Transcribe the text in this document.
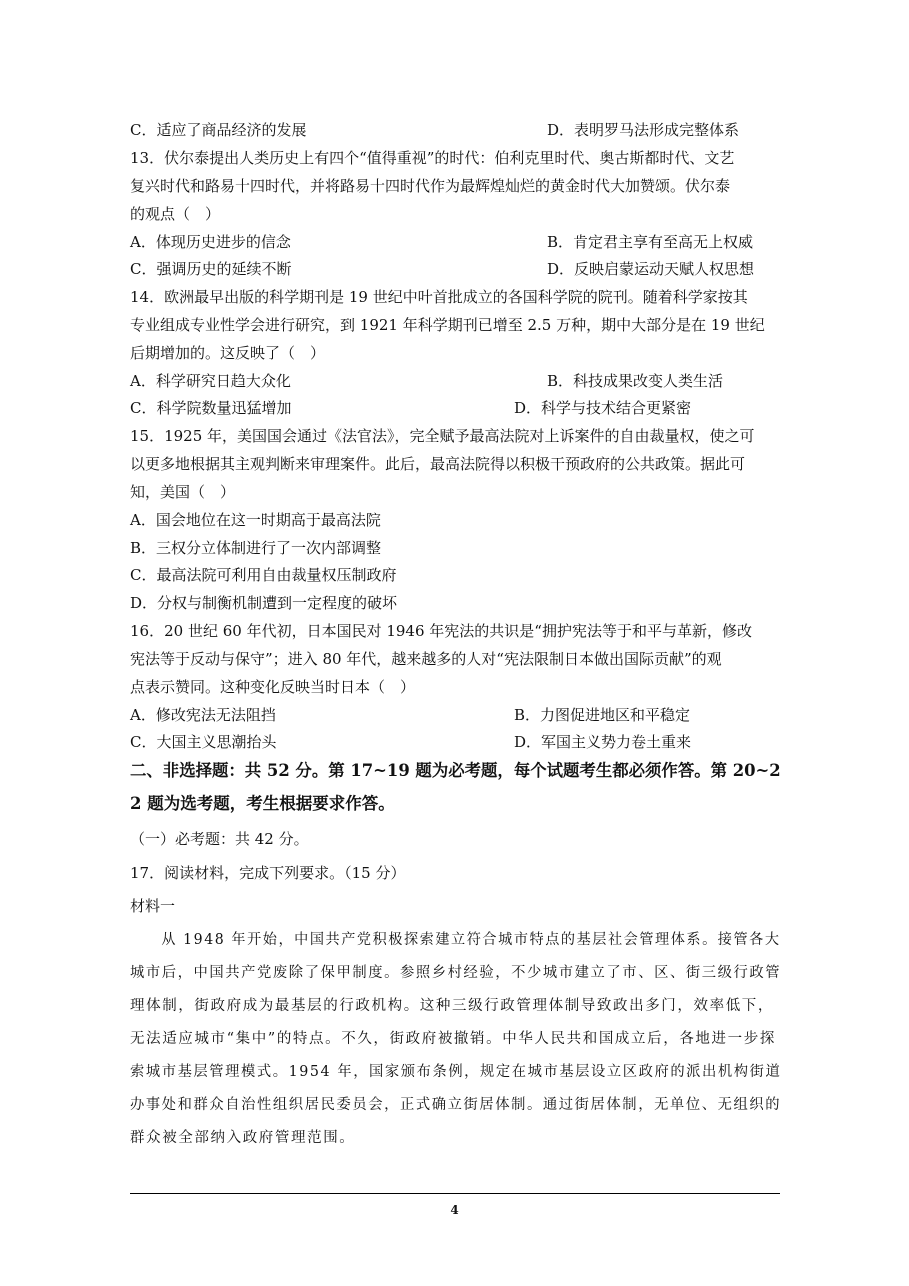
C．适应了商品经济的发展	D．表明罗马法形成完整体系
13．伏尔泰提出人类历史上有四个“值得重视”的时代：伯利克里时代、奥古斯都时代、文艺
复兴时代和路易十四时代，并将路易十四时代作为最辉煌灿烂的黄金时代大加赞颂。伏尔泰
的观点（　）
A．体现历史进步的信念	B．肯定君主享有至高无上权威
C．强调历史的延续不断	D．反映启蒙运动天赋人权思想
14．欧洲最早出版的科学期刊是 19 世纪中叶首批成立的各国科学院的院刊。随着科学家按其
专业组成专业性学会进行研究，到 1921 年科学期刊已增至 2.5 万种，期中大部分是在 19 世纪
后期增加的。这反映了（　）
A．科学研究日趋大众化	B．科技成果改变人类生活
C．科学院数量迅猛增加	D．科学与技术结合更紧密
15．1925 年，美国国会通过《法官法》，完全赋予最高法院对上诉案件的自由裁量权，使之可
以更多地根据其主观判断来审理案件。此后，最高法院得以积极干预政府的公共政策。据此可
知，美国（　）
A．国会地位在这一时期高于最高法院
B．三权分立体制进行了一次内部调整
C．最高法院可利用自由裁量权压制政府
D．分权与制衡机制遭到一定程度的破坏
16．20 世纪 60 年代初，日本国民对 1946 年宪法的共识是“拥护宪法等于和平与革新，修改
宪法等于反动与保守”；进入 80 年代，越来越多的人对“宪法限制日本做出国际贡献”的观
点表示赞同。这种变化反映当时日本（　）
A．修改宪法无法阻挡	B．力图促进地区和平稳定
C．大国主义思潮抬头	D．军国主义势力卷土重来
二、非选择题：共 52 分。第 17~19 题为必考题，每个试题考生都必须作答。第 20~2
2 题为选考题，考生根据要求作答。
（一）必考题：共 42 分。
17．阅读材料，完成下列要求。（15 分）
材料一
　　从 1948 年开始，中国共产党积极探索建立符合城市特点的基层社会管理体系。接管各大
城市后，中国共产党废除了保甲制度。参照乡村经验，不少城市建立了市、区、街三级行政管
理体制，街政府成为最基层的行政机构。这种三级行政管理体制导致政出多门，效率低下，
无法适应城市“集中”的特点。不久，街政府被撤销。中华人民共和国成立后，各地进一步探
索城市基层管理模式。1954 年，国家颁布条例，规定在城市基层设立区政府的派出机构街道
办事处和群众自治性组织居民委员会，正式确立街居体制。通过街居体制，无单位、无组织的
群众被全部纳入政府管理范围。
4
